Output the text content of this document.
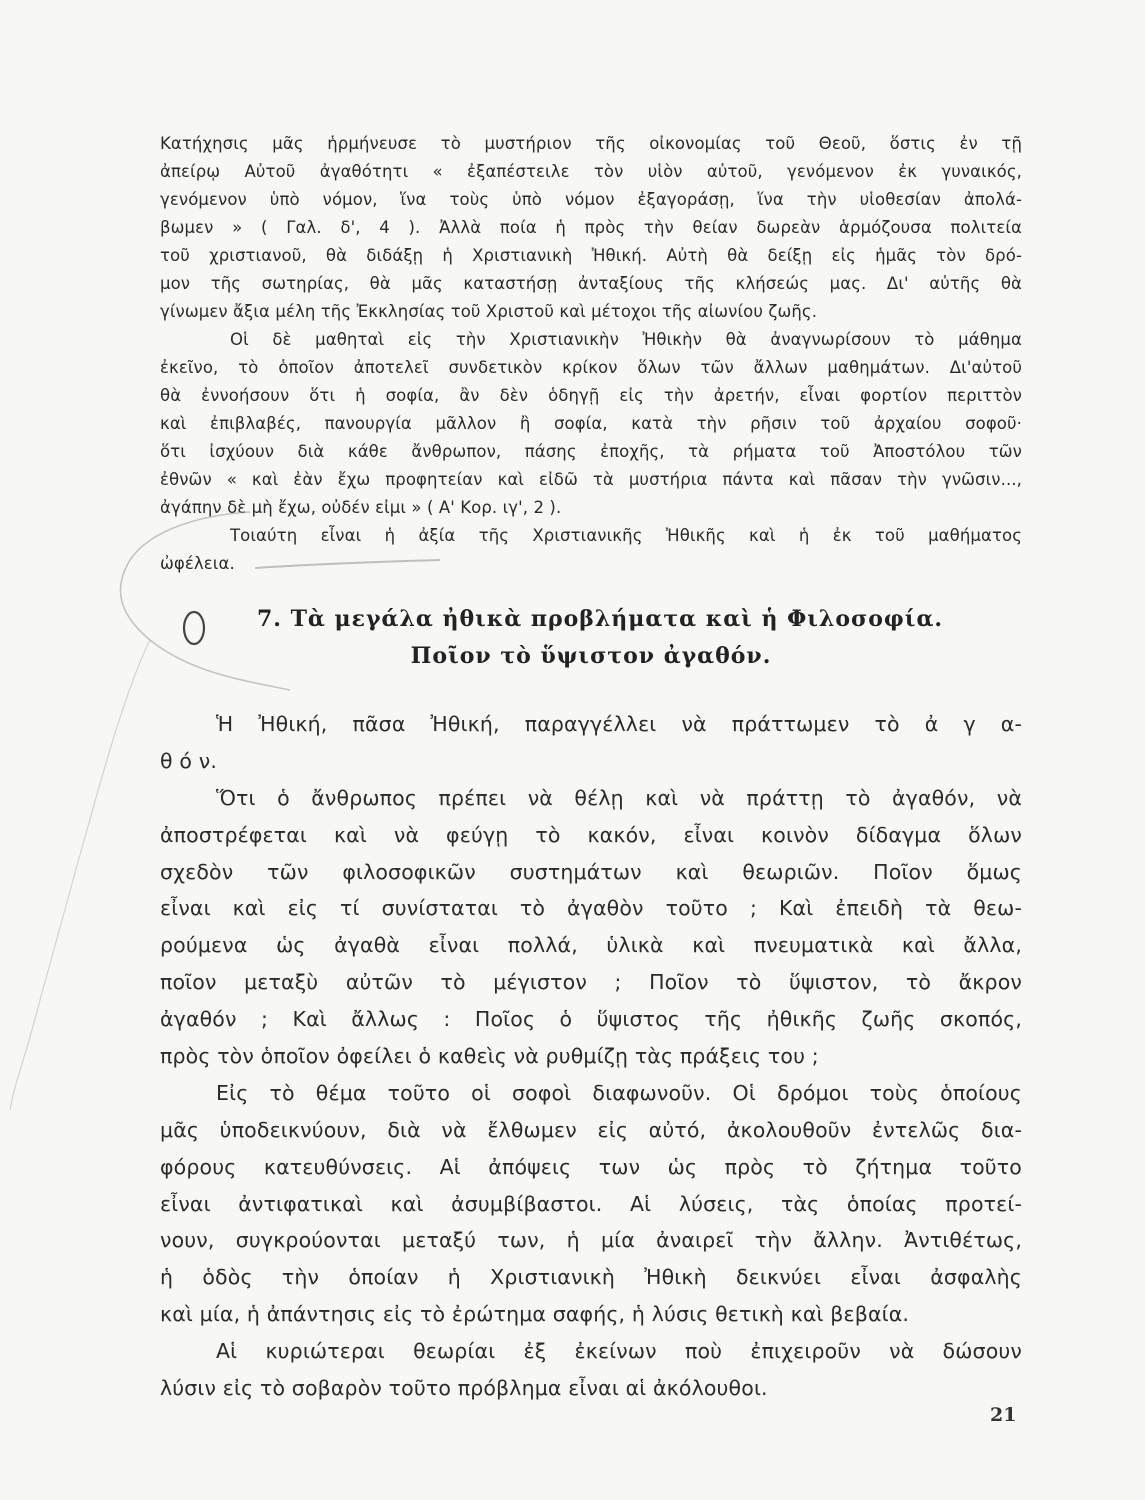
Κατήχησις μᾶς ἡρμήνευσε τὸ μυστήριον τῆς οἰκονομίας τοῦ Θεοῦ, ὅστις ἐν τῇ
ἀπείρῳ Αὐτοῦ ἀγαθότητι « ἐξαπέστειλε τὸν υἱὸν αὐτοῦ, γενόμενον ἐκ γυναικός,
γενόμενον ὑπὸ νόμον, ἵνα τοὺς ὑπὸ νόμον ἐξαγοράσῃ, ἵνα τὴν υἱοθεσίαν ἀπολά-
βωμεν » ( Γαλ. δ', 4 ). Ἀλλὰ ποία ἡ πρὸς τὴν θείαν δωρεὰν ἁρμόζουσα πολιτεία
τοῦ χριστιανοῦ, θὰ διδάξῃ ἡ Χριστιανικὴ Ἠθική. Αὐτὴ θὰ δείξῃ εἰς ἡμᾶς τὸν δρό-
μον τῆς σωτηρίας, θὰ μᾶς καταστήσῃ ἀνταξίους τῆς κλήσεώς μας. Δι' αὐτῆς θὰ
γίνωμεν ἄξια μέλη τῆς Ἐκκλησίας τοῦ Χριστοῦ καὶ μέτοχοι τῆς αἰωνίου ζωῆς.
Οἱ δὲ μαθηταὶ εἰς τὴν Χριστιανικὴν Ἠθικὴν θὰ ἀναγνωρίσουν τὸ μάθημα
ἐκεῖνο, τὸ ὁποῖον ἀποτελεῖ συνδετικὸν κρίκον ὅλων τῶν ἄλλων μαθημάτων. Δι'αὐτοῦ
θὰ ἐννοήσουν ὅτι ἡ σοφία, ἂν δὲν ὁδηγῇ εἰς τὴν ἀρετήν, εἶναι φορτίον περιττὸν
καὶ ἐπιβλαβές, πανουργία μᾶλλον ἢ σοφία, κατὰ τὴν ρῆσιν τοῦ ἀρχαίου σοφοῦ·
ὅτι ἰσχύουν διὰ κάθε ἄνθρωπον, πάσης ἐποχῆς, τὰ ρήματα τοῦ Ἀποστόλου τῶν
ἐθνῶν « καὶ ἐὰν ἔχω προφητείαν καὶ εἰδῶ τὰ μυστήρια πάντα καὶ πᾶσαν τὴν γνῶσιν...,
ἀγάπην δὲ μὴ ἔχω, οὐδέν εἰμι » ( Α' Κορ. ιγ', 2 ).
Τοιαύτη εἶναι ἡ ἀξία τῆς Χριστιανικῆς Ἠθικῆς καὶ ἡ ἐκ τοῦ μαθήματος
ὠφέλεια.
7. Τὰ μεγάλα ἠθικὰ προβλήματα καὶ ἡ Φιλοσοφία.
Ποῖον τὸ ὕψιστον ἀγαθόν.
Ἡ Ἠθική, πᾶσα Ἠθική, παραγγέλλει νὰ πράττωμεν τὸ ἀ γ α-
θ ό ν.
Ὅτι ὁ ἄνθρωπος πρέπει νὰ θέλῃ καὶ νὰ πράττῃ τὸ ἀγαθόν, νὰ
ἀποστρέφεται καὶ νὰ φεύγῃ τὸ κακόν, εἶναι κοινὸν δίδαγμα ὅλων
σχεδὸν τῶν φιλοσοφικῶν συστημάτων καὶ θεωριῶν. Ποῖον ὅμως
εἶναι καὶ εἰς τί συνίσταται τὸ ἀγαθὸν τοῦτο ; Καὶ ἐπειδὴ τὰ θεω-
ρούμενα ὡς ἀγαθὰ εἶναι πολλά, ὑλικὰ καὶ πνευματικὰ καὶ ἄλλα,
ποῖον μεταξὺ αὐτῶν τὸ μέγιστον ; Ποῖον τὸ ὕψιστον, τὸ ἄκρον
ἀγαθόν ; Καὶ ἄλλως : Ποῖος ὁ ὕψιστος τῆς ἠθικῆς ζωῆς σκοπός,
πρὸς τὸν ὁποῖον ὀφείλει ὁ καθεὶς νὰ ρυθμίζῃ τὰς πράξεις του ;
Εἰς τὸ θέμα τοῦτο οἱ σοφοὶ διαφωνοῦν. Οἱ δρόμοι τοὺς ὁποίους
μᾶς ὑποδεικνύουν, διὰ νὰ ἔλθωμεν εἰς αὐτό, ἀκολουθοῦν ἐντελῶς δια-
φόρους κατευθύνσεις. Αἱ ἀπόψεις των ὡς πρὸς τὸ ζήτημα τοῦτο
εἶναι ἀντιφατικαὶ καὶ ἀσυμβίβαστοι. Αἱ λύσεις, τὰς ὁποίας προτεί-
νουν, συγκρούονται μεταξύ των, ἡ μία ἀναιρεῖ τὴν ἄλλην. Ἀντιθέτως,
ἡ ὁδὸς τὴν ὁποίαν ἡ Χριστιανικὴ Ἠθικὴ δεικνύει εἶναι ἀσφαλὴς
καὶ μία, ἡ ἀπάντησις εἰς τὸ ἐρώτημα σαφής, ἡ λύσις θετικὴ καὶ βεβαία.
Αἱ κυριώτεραι θεωρίαι ἐξ ἐκείνων ποὺ ἐπιχειροῦν νὰ δώσουν
λύσιν εἰς τὸ σοβαρὸν τοῦτο πρόβλημα εἶναι αἱ ἀκόλουθοι.
21
